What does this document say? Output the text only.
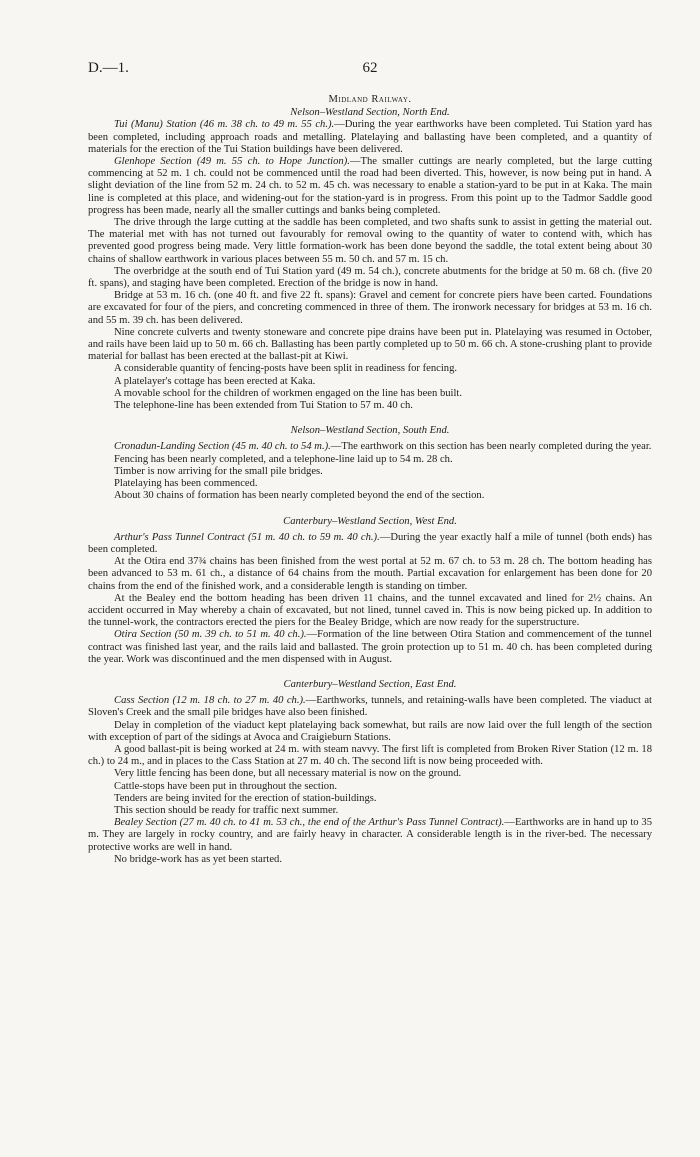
D.—1.	62
Midland Railway.
Nelson–Westland Section, North End.

Tui (Manu) Station (46 m. 38 ch. to 49 m. 55 ch.).—During the year earthworks have been completed. Tui Station yard has been completed, including approach roads and metalling. Platelaying and ballasting have been completed, and a quantity of materials for the erection of the Tui Station buildings have been delivered.

Glenhope Section (49 m. 55 ch. to Hope Junction).—The smaller cuttings are nearly completed, but the large cutting commencing at 52 m. 1 ch. could not be commenced until the road had been diverted. This, however, is now being put in hand. A slight deviation of the line from 52 m. 24 ch. to 52 m. 45 ch. was necessary to enable a station-yard to be put in at Kaka. The main line is completed at this place, and widening-out for the station-yard is in progress. From this point up to the Tadmor Saddle good progress has been made, nearly all the smaller cuttings and banks being completed.

The drive through the large cutting at the saddle has been completed, and two shafts sunk to assist in getting the material out. The material met with has not turned out favourably for removal owing to the quantity of water to contend with, which has prevented good progress being made. Very little formation-work has been done beyond the saddle, the total extent being about 30 chains of shallow earthwork in various places between 55 m. 50 ch. and 57 m. 15 ch.

The overbridge at the south end of Tui Station yard (49 m. 54 ch.), concrete abutments for the bridge at 50 m. 68 ch. (five 20 ft. spans), and staging have been completed. Erection of the bridge is now in hand.

Bridge at 53 m. 16 ch. (one 40 ft. and five 22 ft. spans): Gravel and cement for concrete piers have been carted. Foundations are excavated for four of the piers, and concreting commenced in three of them. The ironwork necessary for bridges at 53 m. 16 ch. and 55 m. 39 ch. has been delivered.

Nine concrete culverts and twenty stoneware and concrete pipe drains have been put in. Platelaying was resumed in October, and rails have been laid up to 50 m. 66 ch. Ballasting has been partly completed up to 50 m. 66 ch. A stone-crushing plant to provide material for ballast has been erected at the ballast-pit at Kiwi.

A considerable quantity of fencing-posts have been split in readiness for fencing.

A platelayer's cottage has been erected at Kaka.

A movable school for the children of workmen engaged on the line has been built.

The telephone-line has been extended from Tui Station to 57 m. 40 ch.

Nelson–Westland Section, South End.

Cronadun-Landing Section (45 m. 40 ch. to 54 m.).—The earthwork on this section has been nearly completed during the year.

Fencing has been nearly completed, and a telephone-line laid up to 54 m. 28 ch.

Timber is now arriving for the small pile bridges.

Platelaying has been commenced.

About 30 chains of formation has been nearly completed beyond the end of the section.

Canterbury–Westland Section, West End.

Arthur's Pass Tunnel Contract (51 m. 40 ch. to 59 m. 40 ch.).—During the year exactly half a mile of tunnel (both ends) has been completed.

At the Otira end 37¾ chains has been finished from the west portal at 52 m. 67 ch. to 53 m. 28 ch. The bottom heading has been advanced to 53 m. 61 ch., a distance of 64 chains from the mouth. Partial excavation for enlargement has been done for 20 chains from the end of the finished work, and a considerable length is standing on timber.

At the Bealey end the bottom heading has been driven 11 chains, and the tunnel excavated and lined for 2½ chains. An accident occurred in May whereby a chain of excavated, but not lined, tunnel caved in. This is now being picked up. In addition to the tunnel-work, the contractors erected the piers for the Bealey Bridge, which are now ready for the superstructure.

Otira Section (50 m. 39 ch. to 51 m. 40 ch.).—Formation of the line between Otira Station and commencement of the tunnel contract was finished last year, and the rails laid and ballasted. The groin protection up to 51 m. 40 ch. has been completed during the year. Work was discontinued and the men dispensed with in August.

Canterbury–Westland Section, East End.

Cass Section (12 m. 18 ch. to 27 m. 40 ch.).—Earthworks, tunnels, and retaining-walls have been completed. The viaduct at Sloven's Creek and the small pile bridges have also been finished.

Delay in completion of the viaduct kept platelaying back somewhat, but rails are now laid over the full length of the section with exception of part of the sidings at Avoca and Craigieburn Stations.

A good ballast-pit is being worked at 24 m. with steam navvy. The first lift is completed from Broken River Station (12 m. 18 ch.) to 24 m., and in places to the Cass Station at 27 m. 40 ch. The second lift is now being proceeded with.

Very little fencing has been done, but all necessary material is now on the ground.

Cattle-stops have been put in throughout the section.

Tenders are being invited for the erection of station-buildings.

This section should be ready for traffic next summer.

Bealey Section (27 m. 40 ch. to 41 m. 53 ch., the end of the Arthur's Pass Tunnel Contract).—Earthworks are in hand up to 35 m. They are largely in rocky country, and are fairly heavy in character. A considerable length is in the river-bed. The necessary protective works are well in hand.

No bridge-work has as yet been started.
